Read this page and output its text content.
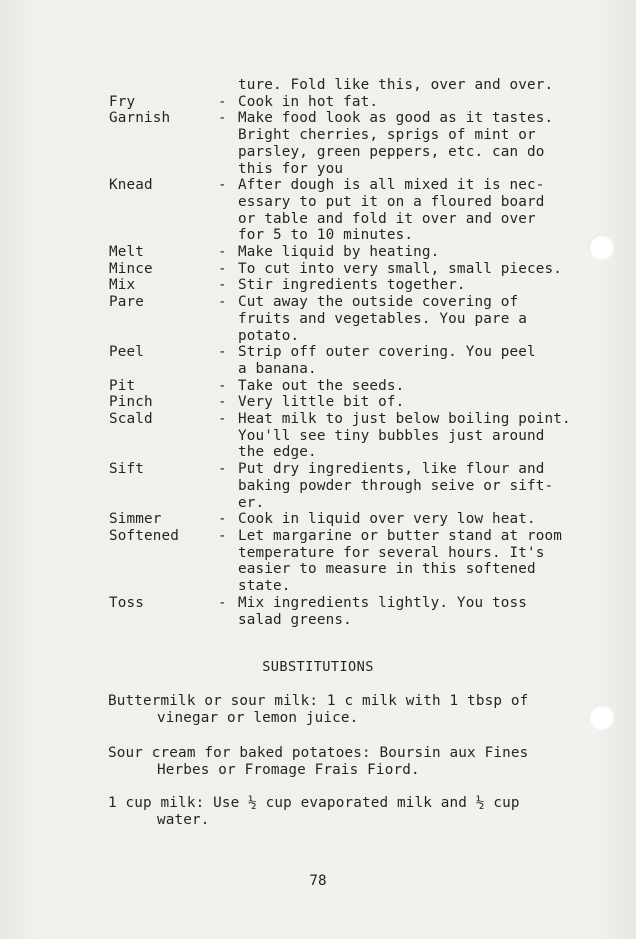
ture. Fold like this, over and over.
Fry	- Cook in hot fat.
Garnish	- Make food look as good as it tastes.
Bright cherries, sprigs of mint or
parsley, green peppers, etc. can do
this for you
Knead	- After dough is all mixed it is nec-
essary to put it on a floured board
or table and fold it over and over
for 5 to 10 minutes.
Melt	- Make liquid by heating.
Mince	- To cut into very small, small pieces.
Mix	- Stir ingredients together.
Pare	- Cut away the outside covering of
fruits and vegetables. You pare a
potato.
Peel	- Strip off outer covering. You peel
a banana.
Pit	- Take out the seeds.
Pinch	- Very little bit of.
Scald	- Heat milk to just below boiling point.
You'll see tiny bubbles just around
the edge.
Sift	- Put dry ingredients, like flour and
baking powder through seive or sift-
er.
Simmer	- Cook in liquid over very low heat.
Softened	- Let margarine or butter stand at room
temperature for several hours. It's
easier to measure in this softened
state.
Toss	- Mix ingredients lightly. You toss
salad greens.
SUBSTITUTIONS
Buttermilk or sour milk: 1 c milk with 1 tbsp of
vinegar or lemon juice.
Sour cream for baked potatoes: Boursin aux Fines
Herbes or Fromage Frais Fiord.
1 cup milk: Use ½ cup evaporated milk and ½ cup
water.
78
